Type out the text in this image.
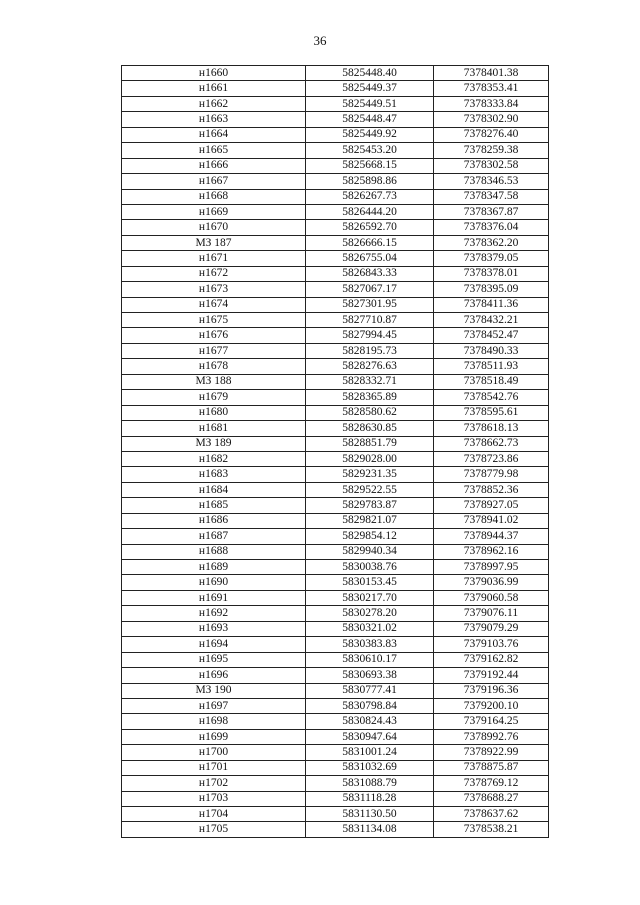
36
н1660	5825448.40	7378401.38
н1661	5825449.37	7378353.41
н1662	5825449.51	7378333.84
н1663	5825448.47	7378302.90
н1664	5825449.92	7378276.40
н1665	5825453.20	7378259.38
н1666	5825668.15	7378302.58
н1667	5825898.86	7378346.53
н1668	5826267.73	7378347.58
н1669	5826444.20	7378367.87
н1670	5826592.70	7378376.04
МЗ 187	5826666.15	7378362.20
н1671	5826755.04	7378379.05
н1672	5826843.33	7378378.01
н1673	5827067.17	7378395.09
н1674	5827301.95	7378411.36
н1675	5827710.87	7378432.21
н1676	5827994.45	7378452.47
н1677	5828195.73	7378490.33
н1678	5828276.63	7378511.93
МЗ 188	5828332.71	7378518.49
н1679	5828365.89	7378542.76
н1680	5828580.62	7378595.61
н1681	5828630.85	7378618.13
МЗ 189	5828851.79	7378662.73
н1682	5829028.00	7378723.86
н1683	5829231.35	7378779.98
н1684	5829522.55	7378852.36
н1685	5829783.87	7378927.05
н1686	5829821.07	7378941.02
н1687	5829854.12	7378944.37
н1688	5829940.34	7378962.16
н1689	5830038.76	7378997.95
н1690	5830153.45	7379036.99
н1691	5830217.70	7379060.58
н1692	5830278.20	7379076.11
н1693	5830321.02	7379079.29
н1694	5830383.83	7379103.76
н1695	5830610.17	7379162.82
н1696	5830693.38	7379192.44
МЗ 190	5830777.41	7379196.36
н1697	5830798.84	7379200.10
н1698	5830824.43	7379164.25
н1699	5830947.64	7378992.76
н1700	5831001.24	7378922.99
н1701	5831032.69	7378875.87
н1702	5831088.79	7378769.12
н1703	5831118.28	7378688.27
н1704	5831130.50	7378637.62
н1705	5831134.08	7378538.21
